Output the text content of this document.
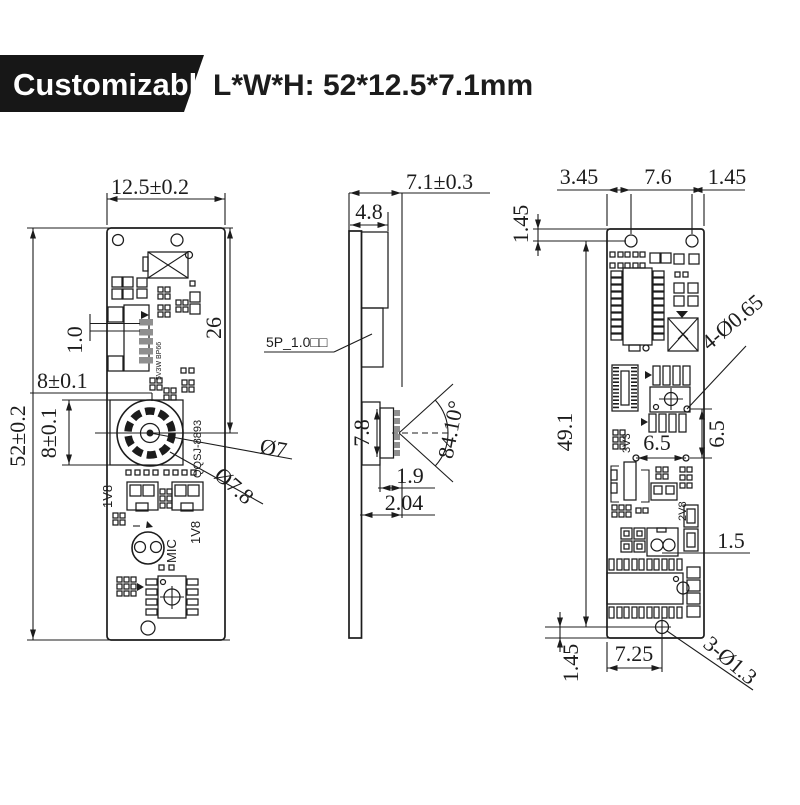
Customizable
L*W*H: 52*12.5*7.1mm
5V3W BP66
1V8
1V8
MIC
QQSJ-8893
12.5±0.2
52±0.2
26
1.0
8±0.1
8±0.1	Ø7
Ø7.8
7.1±0.3
4.8
5P_1.0□□
7.8	84.10°
1.9
2.04
3V3
2V8
3.45 7.6 1.45
1.45
49.1
4-Ø0.65
6.5 6.5
1.5
1.45 7.25 3-Ø1.3
